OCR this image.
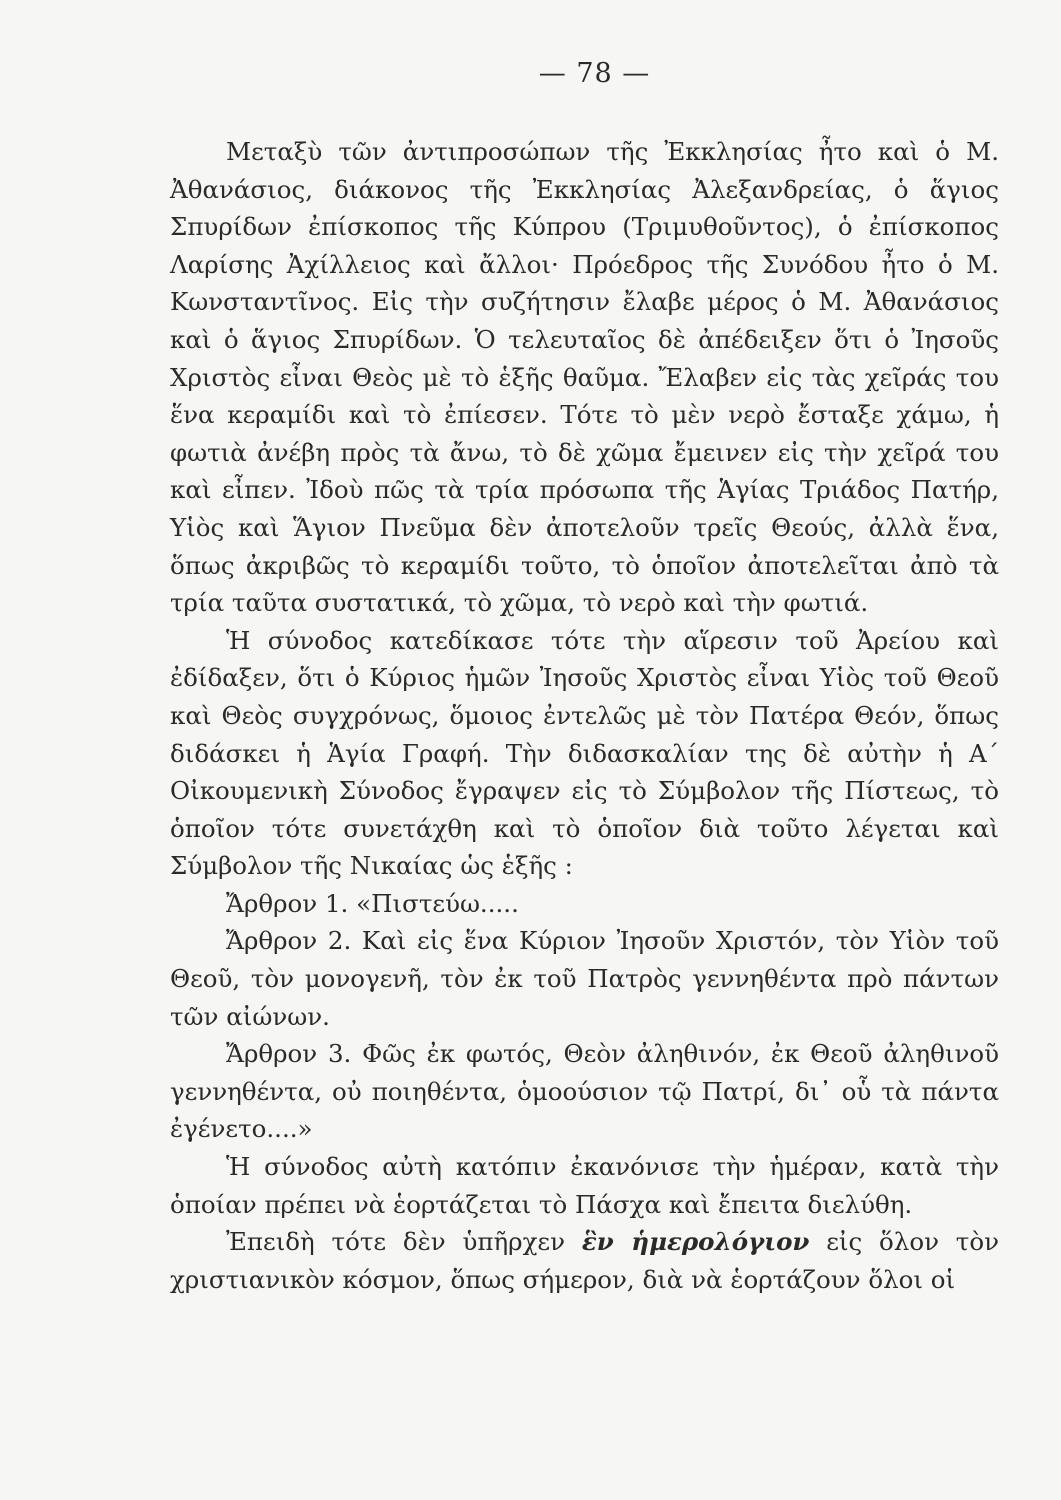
— 78 —

Μεταξὺ τῶν ἀντιπροσώπων τῆς Ἐκκλησίας ἦτο καὶ ὁ Μ. Ἀθανάσιος, διάκονος τῆς Ἐκκλησίας Ἀλεξανδρείας, ὁ ἅγιος Σπυρίδων ἐπίσκοπος τῆς Κύπρου (Τριμυθοῦντος), ὁ ἐπίσκοπος Λαρίσης Ἀχίλλειος καὶ ἄλλοι· Πρόεδρος τῆς Συνόδου ἦτο ὁ Μ. Κωνσταντῖνος. Εἰς τὴν συζήτησιν ἔλαβε μέρος ὁ Μ. Ἀθανάσιος καὶ ὁ ἅγιος Σπυρίδων. Ὁ τελευταῖος δὲ ἀπέδειξεν ὅτι ὁ Ἰησοῦς Χριστὸς εἶναι Θεὸς μὲ τὸ ἑξῆς θαῦμα. Ἔλαβεν εἰς τὰς χεῖράς του ἕνα κεραμίδι καὶ τὸ ἐπίεσεν. Τότε τὸ μὲν νερὸ ἔσταξε χάμω, ἡ φωτιὰ ἀνέβη πρὸς τὰ ἄνω, τὸ δὲ χῶμα ἔμεινεν εἰς τὴν χεῖρά του καὶ εἶπεν. Ἰδοὺ πῶς τὰ τρία πρόσωπα τῆς Ἁγίας Τριάδος Πατήρ, Υἱὸς καὶ Ἅγιον Πνεῦμα δὲν ἀποτελοῦν τρεῖς Θεούς, ἀλλὰ ἕνα, ὅπως ἀκριβῶς τὸ κεραμίδι τοῦτο, τὸ ὁποῖον ἀποτελεῖται ἀπὸ τὰ τρία ταῦτα συστατικά, τὸ χῶμα, τὸ νερὸ καὶ τὴν φωτιά.

Ἡ σύνοδος κατεδίκασε τότε τὴν αἵρεσιν τοῦ Ἀρείου καὶ ἐδίδαξεν, ὅτι ὁ Κύριος ἡμῶν Ἰησοῦς Χριστὸς εἶναι Υἱὸς τοῦ Θεοῦ καὶ Θεὸς συγχρόνως, ὅμοιος ἐντελῶς μὲ τὸν Πατέρα Θεόν, ὅπως διδάσκει ἡ Ἁγία Γραφή. Τὴν διδασκαλίαν της δὲ αὐτὴν ἡ Α΄ Οἰκουμενικὴ Σύνοδος ἔγραψεν εἰς τὸ Σύμβολον τῆς Πίστεως, τὸ ὁποῖον τότε συνετάχθη καὶ τὸ ὁποῖον διὰ τοῦτο λέγεται καὶ Σύμβολον τῆς Νικαίας ὡς ἑξῆς :

Ἄρθρον 1. «Πιστεύω.....

Ἄρθρον 2. Καὶ εἰς ἕνα Κύριον Ἰησοῦν Χριστόν, τὸν Υἱὸν τοῦ Θεοῦ, τὸν μονογενῆ, τὸν ἐκ τοῦ Πατρὸς γεννηθέντα πρὸ πάντων τῶν αἰώνων.

Ἄρθρον 3. Φῶς ἐκ φωτός, Θεὸν ἀληθινόν, ἐκ Θεοῦ ἀληθινοῦ γεννηθέντα, οὐ ποιηθέντα, ὁμοούσιον τῷ Πατρί, δι᾽ οὗ τὰ πάντα ἐγένετο....»

Ἡ σύνοδος αὐτὴ κατόπιν ἐκανόνισε τὴν ἡμέραν, κατὰ τὴν ὁποίαν πρέπει νὰ ἑορτάζεται τὸ Πάσχα καὶ ἔπειτα διελύθη.

Ἐπειδὴ τότε δὲν ὑπῆρχεν ἓν ἡμερολόγιον εἰς ὅλον τὸν χριστιανικὸν κόσμον, ὅπως σήμερον, διὰ νὰ ἑορτάζουν ὅλοι οἱ
